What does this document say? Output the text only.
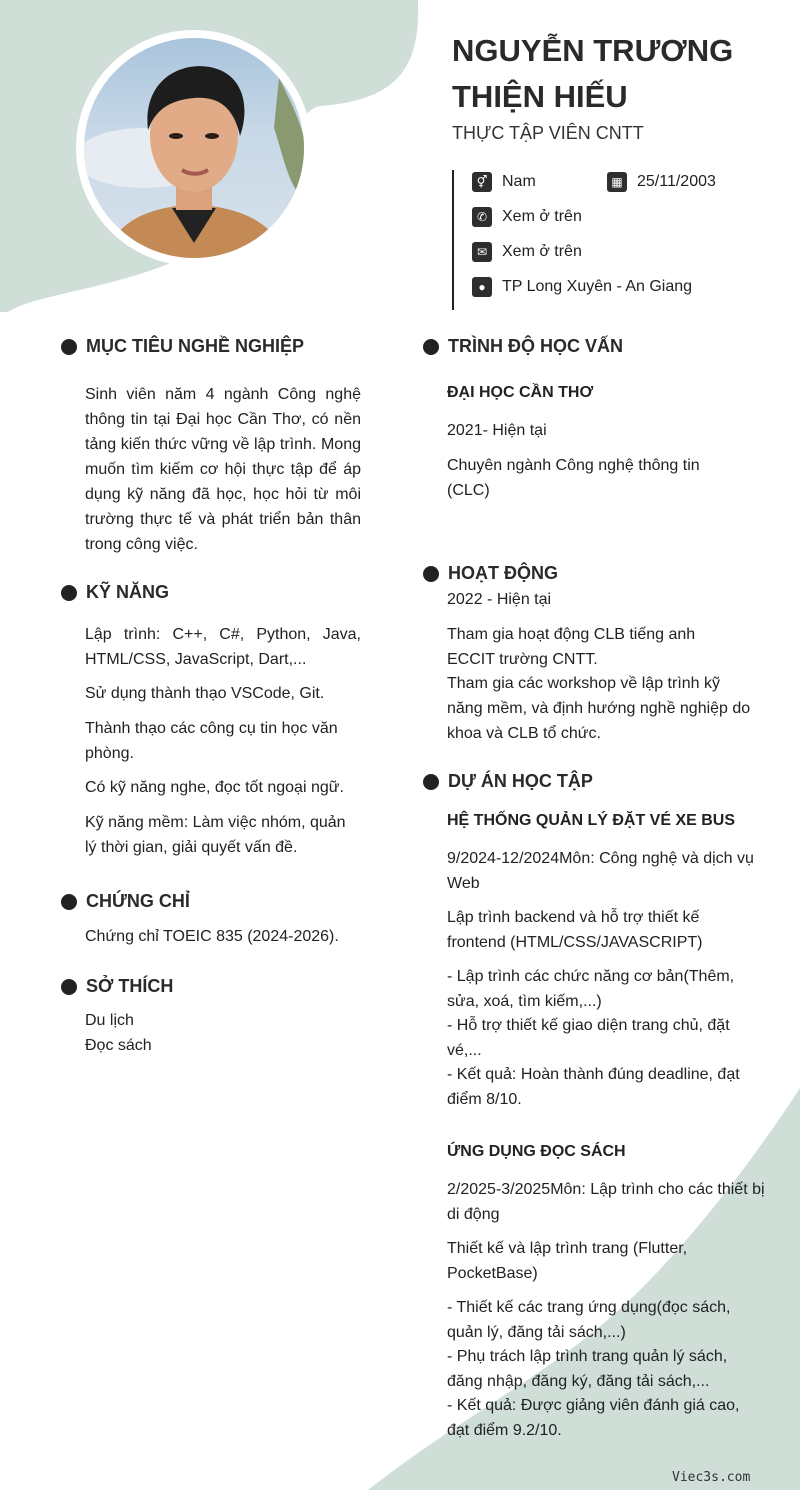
NGUYỄN TRƯƠNG
THIỆN HIẾU
THỰC TẬP VIÊN CNTT
⚥ Nam	▦ 25/11/2003
✆ Xem ở trên
✉ Xem ở trên
●	TP Long Xuyên - An Giang
MỤC TIÊU NGHỀ NGHIỆP
Sinh viên năm 4 ngành Công nghệ thông tin tại Đại học Cần Thơ, có nền tảng kiến thức vững về lập trình. Mong muốn tìm kiếm cơ hội thực tập để áp dụng kỹ năng đã học, học hỏi từ môi trường thực tế và phát triển bản thân trong công việc.
KỸ NĂNG
Lập trình: C++, C#, Python, Java, HTML/CSS, JavaScript, Dart,...
Sử dụng thành thạo VSCode, Git.
Thành thạo các công cụ tin học văn phòng.
Có kỹ năng nghe, đọc tốt ngoại ngữ.
Kỹ năng mềm: Làm việc nhóm, quản lý thời gian, giải quyết vấn đề.
CHỨNG CHỈ
Chứng chỉ TOEIC 835 (2024-2026).
SỞ THÍCH
Du lịch
Đọc sách
TRÌNH ĐỘ HỌC VẤN
ĐẠI HỌC CẦN THƠ
2021- Hiện tại
Chuyên ngành Công nghệ thông tin (CLC)
HOẠT ĐỘNG
2022 - Hiện tại
Tham gia hoạt động CLB tiếng anh ECCIT trường CNTT.
Tham gia các workshop về lập trình kỹ năng mềm, và định hướng nghề nghiệp do khoa và CLB tổ chức.
DỰ ÁN HỌC TẬP
HỆ THỐNG QUẢN LÝ ĐẶT VÉ XE BUS
9/2024-12/2024Môn: Công nghệ và dịch vụ Web
Lập trình backend và hỗ trợ thiết kế frontend (HTML/CSS/JAVASCRIPT)
- Lập trình các chức năng cơ bản(Thêm, sửa, xoá, tìm kiếm,...)
- Hỗ trợ thiết kế giao diện trang chủ, đặt vé,...
- Kết quả: Hoàn thành đúng deadline, đạt điểm 8/10.
ỨNG DỤNG ĐỌC SÁCH
2/2025-3/2025Môn: Lập trình cho các thiết bị di động
Thiết kế và lập trình trang (Flutter, PocketBase)
- Thiết kế các trang ứng dụng(đọc sách, quản lý, đăng tải sách,...)
- Phụ trách lập trình trang quản lý sách, đăng nhập, đăng ký, đăng tải sách,...
- Kết quả: Được giảng viên đánh giá cao, đạt điểm 9.2/10.
Viec3s.com
